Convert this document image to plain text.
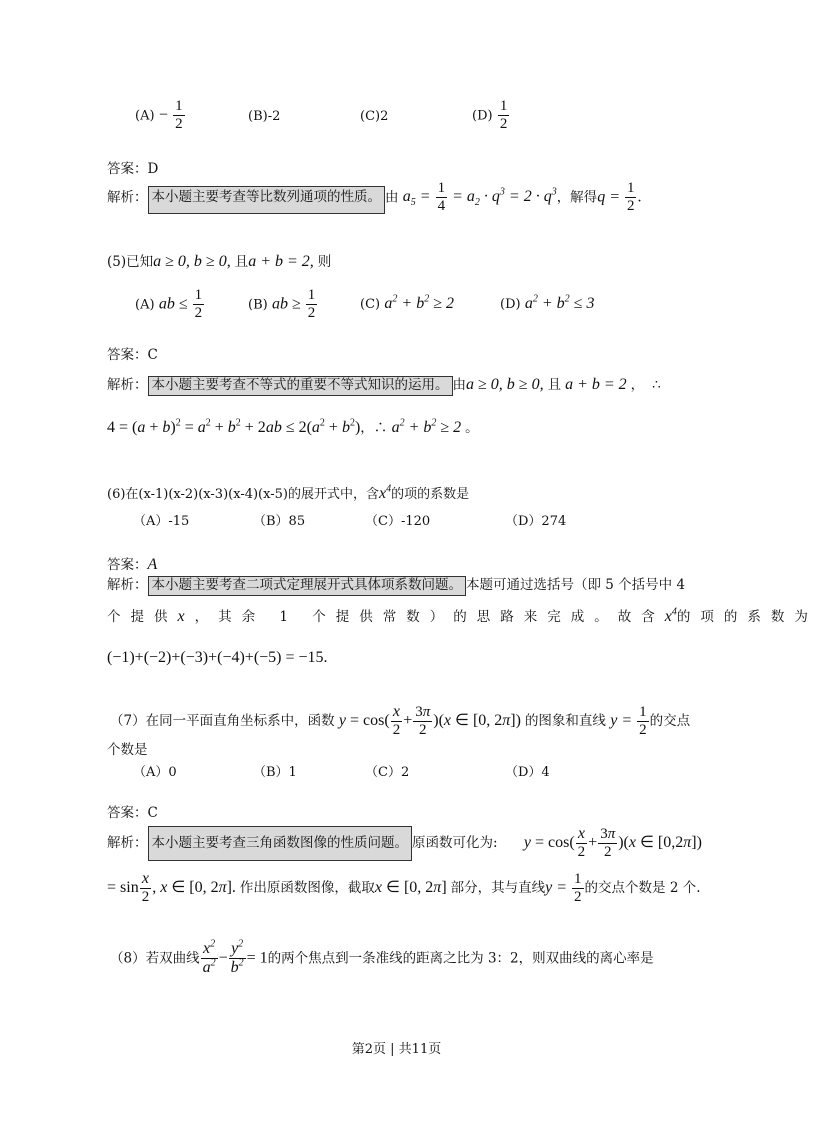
$(A) - \frac{1}{2}$	(B)-2	(C)2	$(D) \frac{1}{2}$
答案：D
解析： 本小题主要考查等比数列通项的性质。 由 $a_5 = \frac{1}{4} = a_2 \cdot q^3 = 2 \cdot q^3$，解得$q = \frac{1}{2}$ .
(5)已知a ≥ 0, b ≥ 0, 且a + b = 2, 则
(A) ab ≤ $\frac{1}{2}$	(B) ab ≥ $\frac{1}{2}$	(C) $a^2 + b^2 \ge 2$	(D) $a^2 + b^2 \le 3$
答案：C
解析： 本小题主要考查不等式的重要不等式知识的运用。 由a ≥ 0, b ≥ 0, 且 a + b = 2 ， ∴
$4 = (a + b)^2 = a^2 + b^2 + 2ab \le 2(a^2 + b^2)$，∴ $a^2 + b^2 \ge 2$ 。
(6)在(x-1)(x-2)(x-3)(x-4)(x-5)的展开式中，含$x^4$的项的系数是
（A）-15	（B）85	（C）-120	（D）274
答案：A
解析： 本小题主要考查二项式定理展开式具体项系数问题。 本题可通过选括号（即 5 个括号中 4
个提供x，其余 1 个提供常数）的思路来完成。故含$x^4$的项的系数为
(−1)+(−2)+(−3)+(−4)+(−5) = −15.
（7）在同一平面直角坐标系中，函数 $y = \cos( \frac{x}{2} + \frac{3\pi}{2} )(x$ ∈ [0, 2π]) 的图象和直线 $y = \frac{1}{2}$ 的交点
个数是
（A）0	（B）1	（C）2	（D）4
答案：C
解析： 本小题主要考查三角函数图像的性质问题。 原函数可化为: $y = \cos( \frac{x}{2} + \frac{3\pi}{2} )(x$ ∈ [0,2π])
= $\sin \frac{x}{2}$ , x ∈ [0, 2π]. 作出原函数图像，截取x ∈ [0, 2π] 部分，其与直线$y = \frac{1}{2}$ 的交点个数是 2 个.
（8）若双曲线 $\frac{x^2}{a^2} - \frac{y^2}{b^2} = 1$的两个焦点到一条准线的距离之比为 3：2，则双曲线的离心率是
第2页 | 共11页
